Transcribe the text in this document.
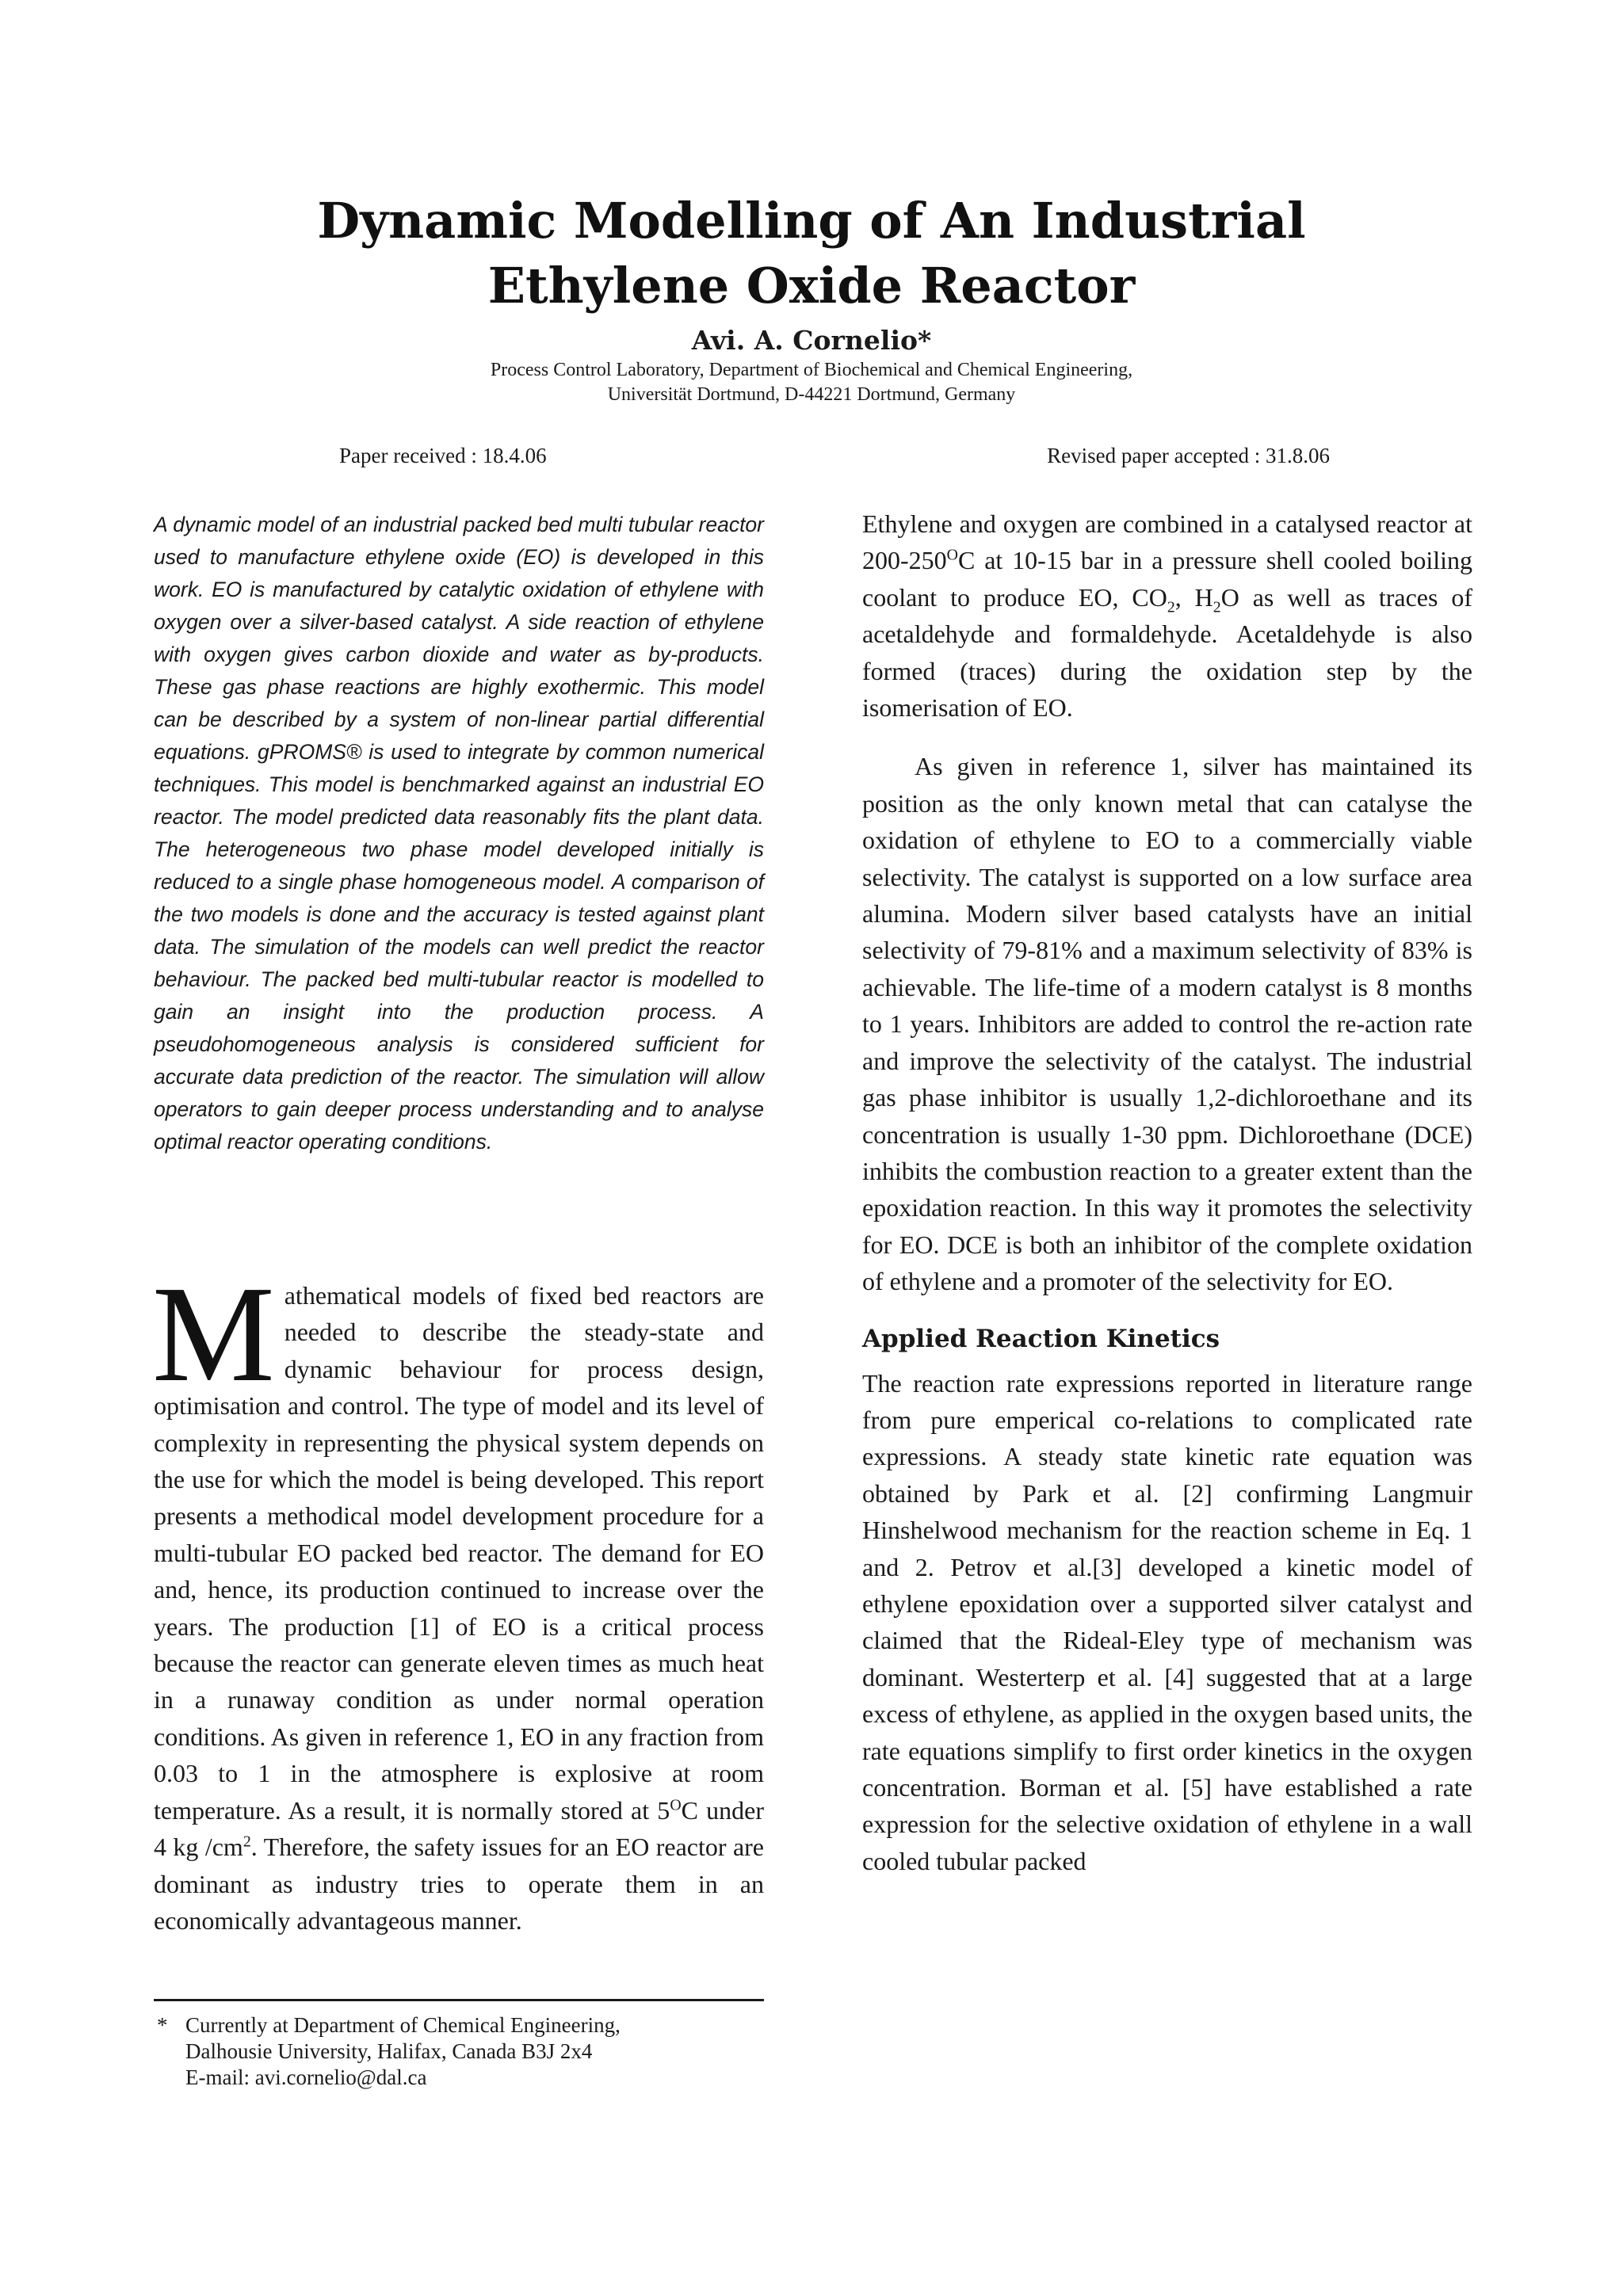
Dynamic Modelling of An Industrial
Ethylene Oxide Reactor
Avi. A. Cornelio*
Process Control Laboratory, Department of Biochemical and Chemical Engineering,
Universität Dortmund, D-44221 Dortmund, Germany
Paper received : 18.4.06	Revised paper accepted : 31.8.06

A dynamic model of an industrial packed bed multi tubular reactor used to manufacture ethylene oxide (EO) is developed in this work. EO is manufactured by catalytic oxidation of ethylene with oxygen over a silver-based catalyst. A side reaction of ethylene with oxygen gives carbon dioxide and water as by-products. These gas phase reactions are highly exothermic. This model can be described by a system of non-linear partial differential equations. gPROMS® is used to integrate by common numerical techniques. This model is benchmarked against an industrial EO reactor. The model predicted data reasonably fits the plant data. The heterogeneous two phase model developed initially is reduced to a single phase homogeneous model. A comparison of the two models is done and the accuracy is tested against plant data. The simulation of the models can well predict the reactor behaviour. The packed bed multi-tubular reactor is modelled to gain an insight into the production process. A pseudohomogeneous analysis is considered sufficient for accurate data prediction of the reactor. The simulation will allow operators to gain deeper process understanding and to analyse optimal reactor operating conditions.

Mathematical models of fixed bed reactors are needed to describe the steady-state and dynamic behaviour for process design, optimisation and control. The type of model and its level of complexity in representing the physical system depends on the use for which the model is being developed. This report presents a methodical model development procedure for a multi-tubular EO packed bed reactor. The demand for EO and, hence, its production continued to increase over the years. The production [1] of EO is a critical process because the reactor can generate eleven times as much heat in a runaway condition as under normal operation conditions. As given in reference 1, EO in any fraction from 0.03 to 1 in the atmosphere is explosive at room temperature. As a result, it is normally stored at $5^OC$ under 4 kg $/cm^2$. Therefore, the safety issues for an EO reactor are dominant as industry tries to operate them in an economically advantageous manner.

Ethylene and oxygen are combined in a catalysed reactor at $200-250^OC$ at 10-15 bar in a pressure shell cooled boiling coolant to produce EO, $CO_2$, $H_2O$ as well as traces of acetaldehyde and formaldehyde. Acetaldehyde is also formed (traces) during the oxidation step by the isomerisation of EO.

As given in reference 1, silver has maintained its position as the only known metal that can catalyse the oxidation of ethylene to EO to a commercially viable selectivity. The catalyst is supported on a low surface area alumina. Modern silver based catalysts have an initial selectivity of 79-81% and a maximum selectivity of 83% is achievable. The life-time of a modern catalyst is 8 months to 1 years. Inhibitors are added to control the re-action rate and improve the selectivity of the catalyst. The industrial gas phase inhibitor is usually 1,2-dichloroethane and its concentration is usually 1-30 ppm. Dichloroethane (DCE) inhibits the combustion reaction to a greater extent than the epoxidation reaction. In this way it promotes the selectivity for EO. DCE is both an inhibitor of the complete oxidation of ethylene and a promoter of the selectivity for EO.

Applied Reaction Kinetics

The reaction rate expressions reported in literature range from pure emperical co-relations to complicated rate expressions. A steady state kinetic rate equation was obtained by Park et al. [2] confirming Langmuir Hinshelwood mechanism for the reaction scheme in Eq. 1 and 2. Petrov et al.[3] developed a kinetic model of ethylene epoxidation over a supported silver catalyst and claimed that the Rideal-Eley type of mechanism was dominant. Westerterp et al. [4] suggested that at a large excess of ethylene, as applied in the oxygen based units, the rate equations simplify to first order kinetics in the oxygen concentration. Borman et al. [5] have established a rate expression for the selective oxidation of ethylene in a wall cooled tubular packed

* Currently at Department of Chemical Engineering,
Dalhousie University, Halifax, Canada B3J 2x4
E-mail: avi.cornelio@dal.ca
